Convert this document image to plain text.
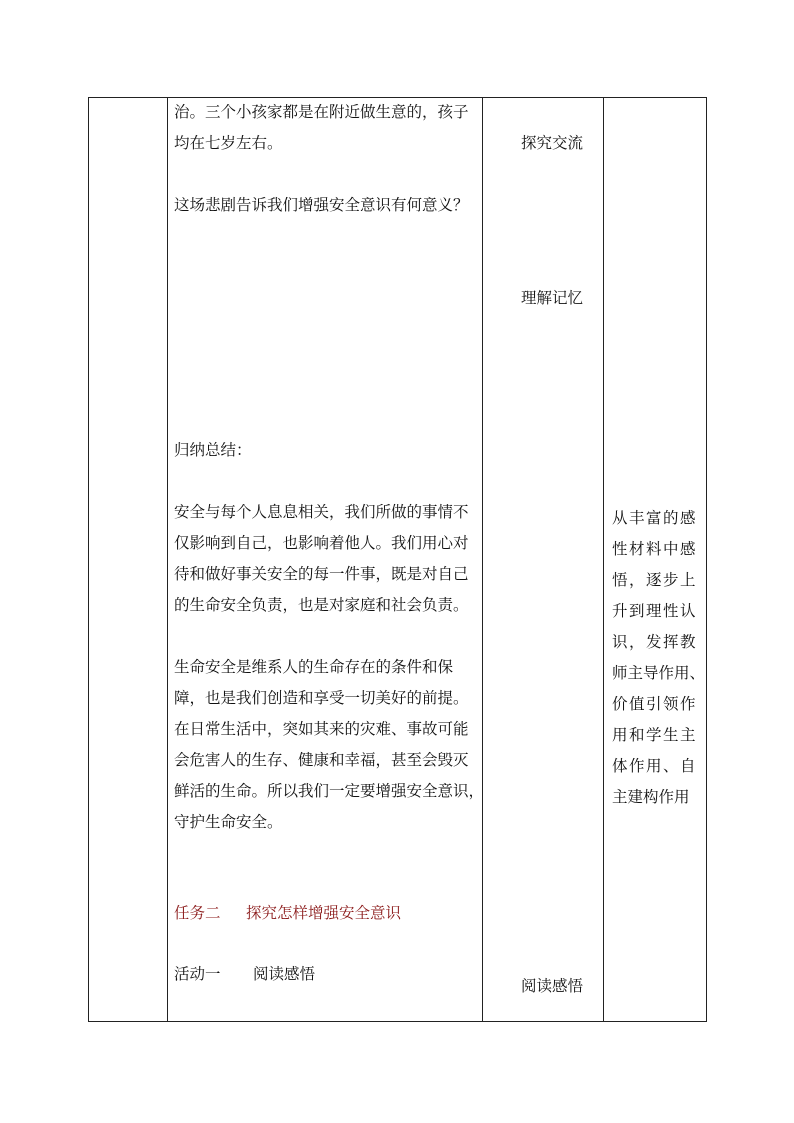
治。三个小孩家都是在附近做生意的，孩子
均在七岁左右。
这场悲剧告诉我们增强安全意识有何意义？
归纳总结：
安全与每个人息息相关，我们所做的事情不
仅影响到自己，也影响着他人。我们用心对
待和做好事关安全的每一件事，既是对自己
的生命安全负责，也是对家庭和社会负责。
生命安全是维系人的生命存在的条件和保
障，也是我们创造和享受一切美好的前提。
在日常生活中，突如其来的灾难、事故可能
会危害人的生存、健康和幸福，甚至会毁灭
鲜活的生命。所以我们一定要增强安全意识，
守护生命安全。
任务二 探究怎样增强安全意识
活动一 阅读感悟
探究交流
理解记忆
阅读感悟
从丰富的感
性材料中感
悟，逐步上
升到理性认
识，发挥教
师主导作用、
价值引领作
用和学生主
体作用、自
主建构作用
